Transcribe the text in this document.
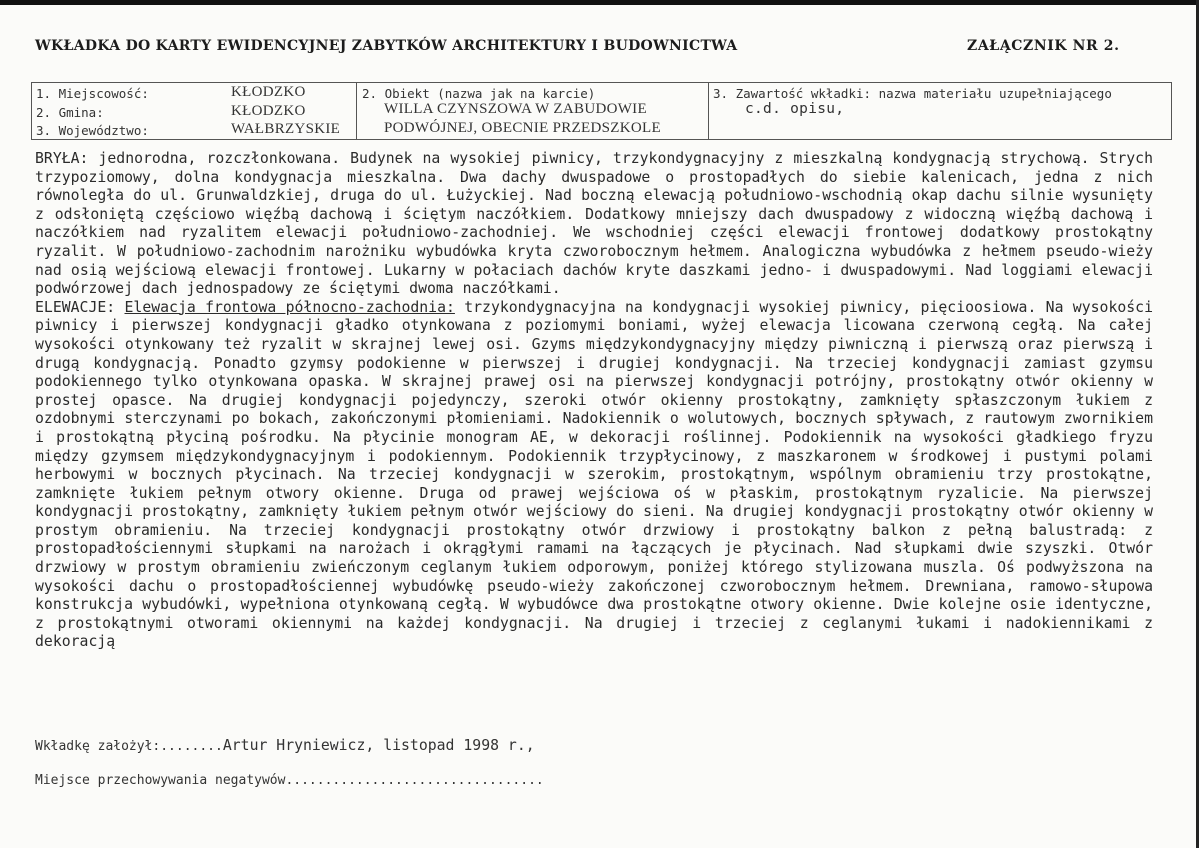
WKŁADKA DO KARTY EWIDENCYJNEJ ZABYTKÓW ARCHITEKTURY I BUDOWNICTWA	ZAŁĄCZNIK NR 2.
1. Miejscowość:	KŁODZKO
2. Gmina:	KŁODZKO
3. Województwo:	WAŁBRZYSKIE
2. Obiekt (nazwa jak na karcie)
WILLA CZYNSZOWA W ZABUDOWIE
PODWÓJNEJ, OBECNIE PRZEDSZKOLE
3. Zawartość wkładki: nazwa materiału uzupełniającego
c.d. opisu,

BRYŁA: jednorodna, rozczłonkowana. Budynek na wysokiej piwnicy, trzykondygnacyjny z mieszkalną kondygnacją strychową. Strych trzypoziomowy, dolna kondygnacja mieszkalna. Dwa dachy dwuspadowe o prostopadłych do siebie kalenicach, jedna z nich równoległa do ul. Grunwaldzkiej, druga do ul. Łużyckiej. Nad boczną elewacją południowo-wschodnią okap dachu silnie wysunięty z odsłoniętą częściowo więźbą dachową i ściętym naczółkiem. Dodatkowy mniejszy dach dwuspadowy z widoczną więźbą dachową i naczółkiem nad ryzalitem elewacji południowo-zachodniej. We wschodniej części elewacji frontowej dodatkowy prostokątny ryzalit. W południowo-zachodnim narożniku wybudówka kryta czworobocznym hełmem. Analogiczna wybudówka z hełmem pseudo-wieży nad osią wejściową elewacji frontowej. Lukarny w połaciach dachów kryte daszkami jedno- i dwuspadowymi. Nad loggiami elewacji podwórzowej dach jednospadowy ze ściętymi dwoma naczółkami.

ELEWACJE: Elewacja frontowa północno-zachodnia: trzykondygnacyjna na kondygnacji wysokiej piwnicy, pięcioosiowa. Na wysokości piwnicy i pierwszej kondygnacji gładko otynkowana z poziomymi boniami, wyżej elewacja licowana czerwoną cegłą. Na całej wysokości otynkowany też ryzalit w skrajnej lewej osi. Gzyms międzykondygnacyjny między piwniczną i pierwszą oraz pierwszą i drugą kondygnacją. Ponadto gzymsy podokienne w pierwszej i drugiej kondygnacji. Na trzeciej kondygnacji zamiast gzymsu podokiennego tylko otynkowana opaska. W skrajnej prawej osi na pierwszej kondygnacji potrójny, prostokątny otwór okienny w prostej opasce. Na drugiej kondygnacji pojedynczy, szeroki otwór okienny prostokątny, zamknięty spłaszczonym łukiem z ozdobnymi sterczynami po bokach, zakończonymi płomieniami. Nadokiennik o wolutowych, bocznych spływach, z rautowym zwornikiem i prostokątną płyciną pośrodku. Na płycinie monogram AE, w dekoracji roślinnej. Podokiennik na wysokości gładkiego fryzu między gzymsem międzykondygnacyjnym i podokiennym. Podokiennik trzypłycinowy, z maszkaronem w środkowej i pustymi polami herbowymi w bocznych płycinach. Na trzeciej kondygnacji w szerokim, prostokątnym, wspólnym obramieniu trzy prostokątne, zamknięte łukiem pełnym otwory okienne. Druga od prawej wejściowa oś w płaskim, prostokątnym ryzalicie. Na pierwszej kondygnacji prostokątny, zamknięty łukiem pełnym otwór wejściowy do sieni. Na drugiej kondygnacji prostokątny otwór okienny w prostym obramieniu. Na trzeciej kondygnacji prostokątny otwór drzwiowy i prostokątny balkon z pełną balustradą: z prostopadłościennymi słupkami na narożach i okrągłymi ramami na łączących je płycinach. Nad słupkami dwie szyszki. Otwór drzwiowy w prostym obramieniu zwieńczonym ceglanym łukiem odporowym, poniżej którego stylizowana muszla. Oś podwyższona na wysokości dachu o prostopadłościennej wybudówkę pseudo-wieży zakończonej czworobocznym hełmem. Drewniana, ramowo-słupowa konstrukcja wybudówki, wypełniona otynkowaną cegłą. W wybudówce dwa prostokątne otwory okienne. Dwie kolejne osie identyczne, z prostokątnymi otworami okiennymi na każdej kondygnacji. Na drugiej i trzeciej z ceglanymi łukami i nadokiennikami z dekoracją

Wkładkę założył:........Artur Hryniewicz, listopad 1998 r.,
Miejsce przechowywania negatywów.................................
